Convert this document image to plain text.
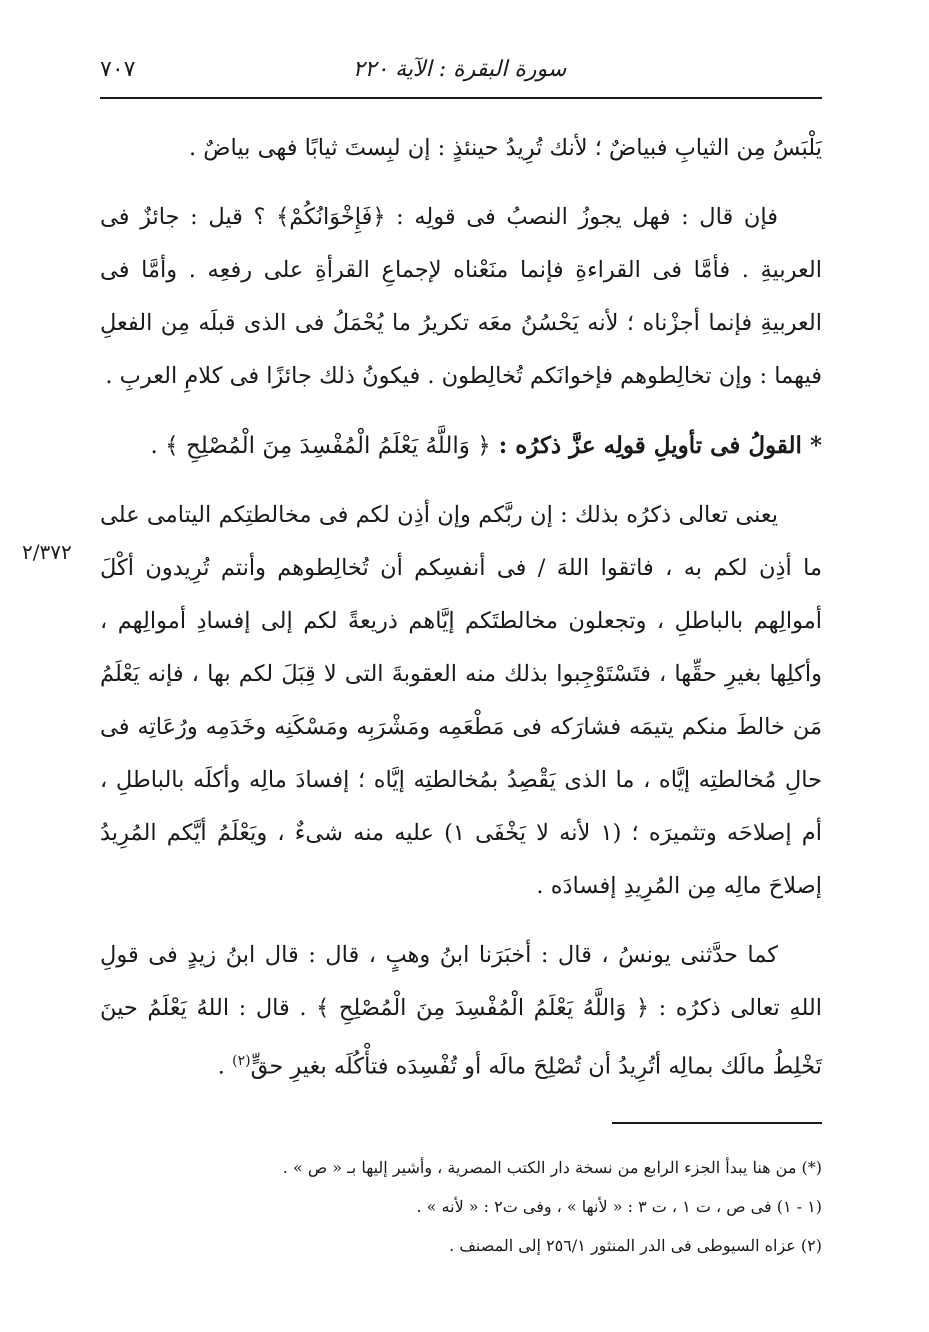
سورة البقرة : الآية ٢٢٠
٧٠٧
٢/٣٧٢

يَلْبَسُ مِن الثيابِ فبياضٌ ؛ لأنك تُرِيدُ حينئذٍ : إن لبِستَ ثيابًا فهى بياضٌ .

فإن قال : فهل يجوزُ النصبُ فى قولِه : ﴿فَإِخْوَانُكُمْ﴾ ؟ قيل : جائزٌ فى العربيةِ . فأمَّا فى القراءةِ فإنما منَعْناه لإجماعِ القرأةِ على رفعِه . وأمَّا فى العربيةِ فإنما أجزْناه ؛ لأنه يَحْسُنُ معَه تكريرُ ما يُحْمَلُ فى الذى قبلَه مِن الفعلِ فيهما : وإن تخالِطوهم فإخوانَكم تُخالِطون . فيكونُ ذلك جائزًا فى كلامِ العربِ .

* القولُ فى تأويلِ قولِه عزَّ ذكرُه : ﴿ وَاللَّهُ يَعْلَمُ الْمُفْسِدَ مِنَ الْمُصْلِحِ ﴾ .

يعنى تعالى ذكرُه بذلك : إن ربَّكم وإن أذِن لكم فى مخالطتِكم اليتامى على ما أذِن لكم به ، فاتقوا اللهَ / فى أنفسِكم أن تُخالِطوهم وأنتم تُرِيدون أكْلَ أموالِهم بالباطلِ ، وتجعلون مخالطتَكم إيَّاهم ذريعةً لكم إلى إفسادِ أموالِهم ، وأكلِها بغيرِ حقِّها ، فتَسْتَوْجِبوا بذلك منه العقوبةَ التى لا قِبَلَ لكم بها ، فإنه يَعْلَمُ مَن خالطَ منكم يتيمَه فشارَكه فى مَطْعَمِه ومَشْرَبِه ومَسْكَنِه وخَدَمِه ورُعَاتِه فى حالِ مُخالطتِه إيَّاه ، ما الذى يَقْصِدُ بمُخالطتِه إيَّاه ؛ إفسادَ مالِه وأكلَه بالباطلِ ، أم إصلاحَه وتثميرَه ؛ (١ لأنه لا يَخْفَى ١) عليه منه شىءٌ ، ويَعْلَمُ أيَّكم المُرِيدُ إصلاحَ مالِه مِن المُرِيدِ إفسادَه .

كما حدَّثنى يونسُ ، قال : أخبَرَنا ابنُ وهبٍ ، قال : قال ابنُ زيدٍ فى قولِ اللهِ تعالى ذكرُه : ﴿ وَاللَّهُ يَعْلَمُ الْمُفْسِدَ مِنَ الْمُصْلِحِ ﴾ . قال : اللهُ يَعْلَمُ حينَ تَخْلِطُ مالَك بمالِه أتُرِيدُ أن تُصْلِحَ مالَه أو تُفْسِدَه فتأْكُلَه بغيرِ حقٍّ$^{(٢)}$ .

(*) من هنا يبدأ الجزء الرابع من نسخة دار الكتب المصرية ، وأشير إليها بـ « ص » .
(١ - ١) فى ص ، ت ١ ، ت ٣ : « لأنها » ، وفى ت٢ : « لأنه » .
(٢) عزاه السيوطى فى الدر المنثور ٢٥٦/١ إلى المصنف .
